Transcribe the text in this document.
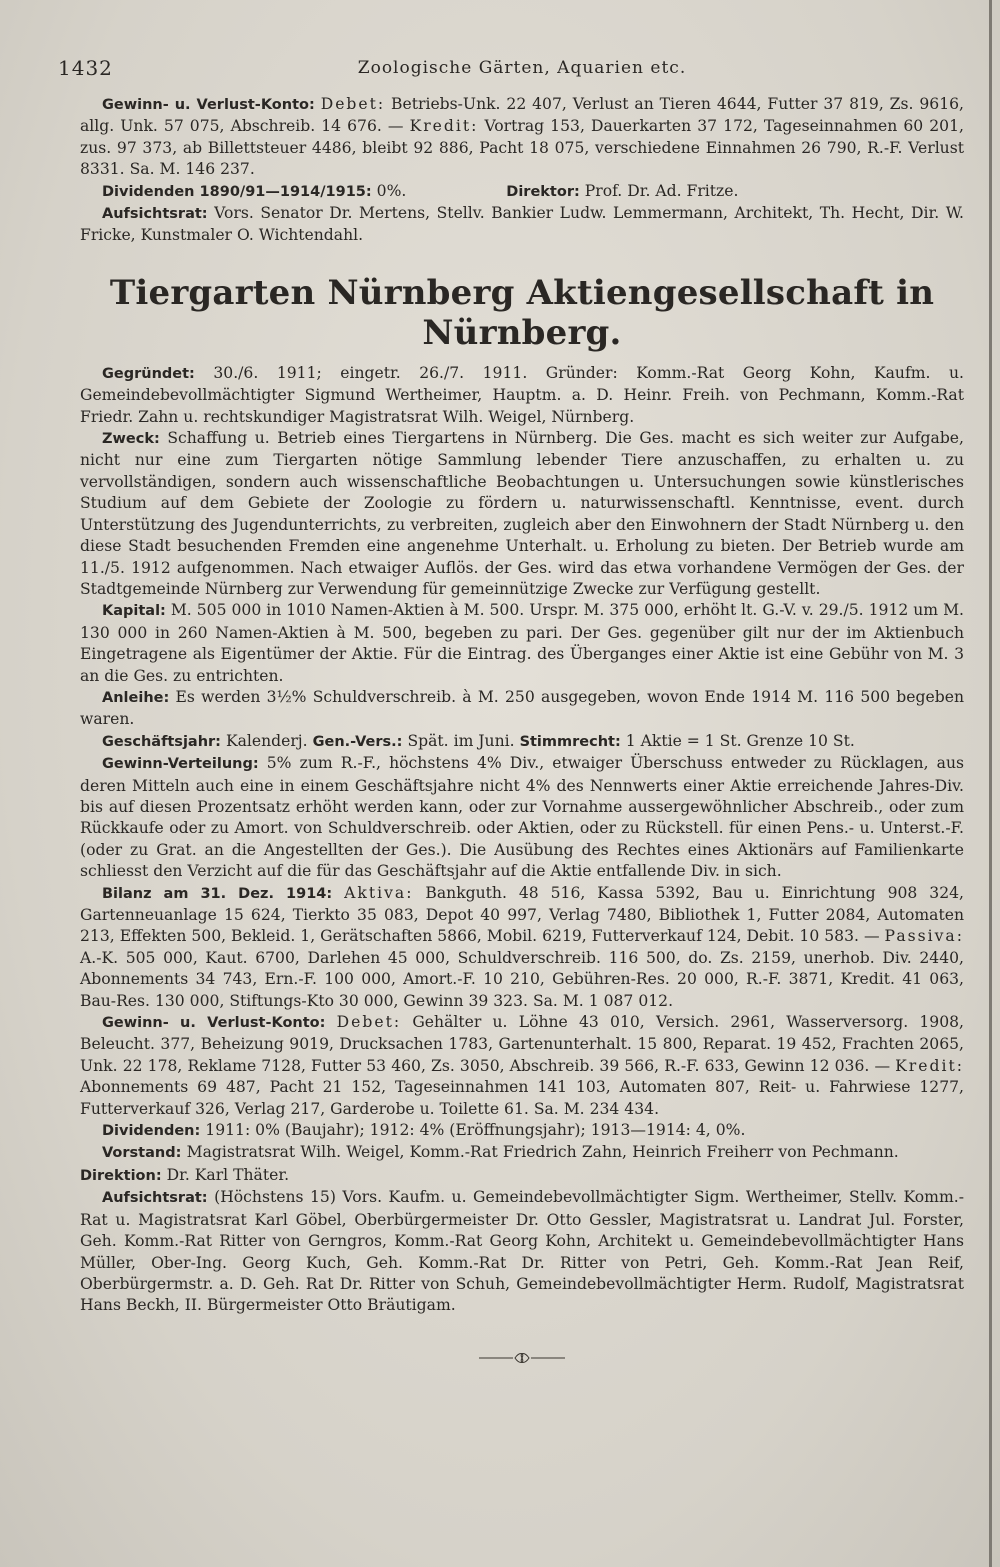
1432	Zoologische Gärten, Aquarien etc.

Gewinn- u. Verlust-Konto: Debet: Betriebs-Unk. 22 407, Verlust an Tieren 4644, Futter 37 819, Zs. 9616, allg. Unk. 57 075, Abschreib. 14 676. — Kredit: Vortrag 153, Dauerkarten 37 172, Tageseinnahmen 60 201, zus. 97 373, ab Billettsteuer 4486, bleibt 92 886, Pacht 18 075, verschiedene Einnahmen 26 790, R.-F. Verlust 8331. Sa. M. 146 237.

Dividenden 1890/91—1914/1915: 0%.	Direktor: Prof. Dr. Ad. Fritze.

Aufsichtsrat: Vors. Senator Dr. Mertens, Stellv. Bankier Ludw. Lemmermann, Architekt, Th. Hecht, Dir. W. Fricke, Kunstmaler O. Wichtendahl.

Tiergarten Nürnberg Aktiengesellschaft in Nürnberg.

Gegründet: 30./6. 1911; eingetr. 26./7. 1911. Gründer: Komm.-Rat Georg Kohn, Kaufm. u. Gemeindebevollmächtigter Sigmund Wertheimer, Hauptm. a. D. Heinr. Freih. von Pechmann, Komm.-Rat Friedr. Zahn u. rechtskundiger Magistratsrat Wilh. Weigel, Nürnberg.

Zweck: Schaffung u. Betrieb eines Tiergartens in Nürnberg. Die Ges. macht es sich weiter zur Aufgabe, nicht nur eine zum Tiergarten nötige Sammlung lebender Tiere anzuschaffen, zu erhalten u. zu vervollständigen, sondern auch wissenschaftliche Beobachtungen u. Untersuchungen sowie künstlerisches Studium auf dem Gebiete der Zoologie zu fördern u. naturwissenschaftl. Kenntnisse, event. durch Unterstützung des Jugendunterrichts, zu verbreiten, zugleich aber den Einwohnern der Stadt Nürnberg u. den diese Stadt besuchenden Fremden eine angenehme Unterhalt. u. Erholung zu bieten. Der Betrieb wurde am 11./5. 1912 aufgenommen. Nach etwaiger Auflös. der Ges. wird das etwa vorhandene Vermögen der Ges. der Stadtgemeinde Nürnberg zur Verwendung für gemeinnützige Zwecke zur Verfügung gestellt.

Kapital: M. 505 000 in 1010 Namen-Aktien à M. 500. Urspr. M. 375 000, erhöht lt. G.-V. v. 29./5. 1912 um M. 130 000 in 260 Namen-Aktien à M. 500, begeben zu pari. Der Ges. gegenüber gilt nur der im Aktienbuch Eingetragene als Eigentümer der Aktie. Für die Eintrag. des Überganges einer Aktie ist eine Gebühr von M. 3 an die Ges. zu entrichten.

Anleihe: Es werden 3½% Schuldverschreib. à M. 250 ausgegeben, wovon Ende 1914 M. 116 500 begeben waren.

Geschäftsjahr: Kalenderj. Gen.-Vers.: Spät. im Juni. Stimmrecht: 1 Aktie = 1 St. Grenze 10 St.

Gewinn-Verteilung: 5% zum R.-F., höchstens 4% Div., etwaiger Überschuss entweder zu Rücklagen, aus deren Mitteln auch eine in einem Geschäftsjahre nicht 4% des Nennwerts einer Aktie erreichende Jahres-Div. bis auf diesen Prozentsatz erhöht werden kann, oder zur Vornahme aussergewöhnlicher Abschreib., oder zum Rückkaufe oder zu Amort. von Schuldverschreib. oder Aktien, oder zu Rückstell. für einen Pens.- u. Unterst.-F. (oder zu Grat. an die Angestellten der Ges.). Die Ausübung des Rechtes eines Aktionärs auf Familienkarte schliesst den Verzicht auf die für das Geschäftsjahr auf die Aktie entfallende Div. in sich.

Bilanz am 31. Dez. 1914: Aktiva: Bankguth. 48 516, Kassa 5392, Bau u. Einrichtung 908 324, Gartenneuanlage 15 624, Tierkto 35 083, Depot 40 997, Verlag 7480, Bibliothek 1, Futter 2084, Automaten 213, Effekten 500, Bekleid. 1, Gerätschaften 5866, Mobil. 6219, Futterverkauf 124, Debit. 10 583. — Passiva: A.-K. 505 000, Kaut. 6700, Darlehen 45 000, Schuldverschreib. 116 500, do. Zs. 2159, unerhob. Div. 2440, Abonnements 34 743, Ern.-F. 100 000, Amort.-F. 10 210, Gebühren-Res. 20 000, R.-F. 3871, Kredit. 41 063, Bau-Res. 130 000, Stiftungs-Kto 30 000, Gewinn 39 323. Sa. M. 1 087 012.

Gewinn- u. Verlust-Konto: Debet: Gehälter u. Löhne 43 010, Versich. 2961, Wasserversorg. 1908, Beleucht. 377, Beheizung 9019, Drucksachen 1783, Gartenunterhalt. 15 800, Reparat. 19 452, Frachten 2065, Unk. 22 178, Reklame 7128, Futter 53 460, Zs. 3050, Abschreib. 39 566, R.-F. 633, Gewinn 12 036. — Kredit: Abonnements 69 487, Pacht 21 152, Tageseinnahmen 141 103, Automaten 807, Reit- u. Fahrwiese 1277, Futterverkauf 326, Verlag 217, Garderobe u. Toilette 61. Sa. M. 234 434.

Dividenden: 1911: 0% (Baujahr); 1912: 4% (Eröffnungsjahr); 1913—1914: 4, 0%.

Vorstand: Magistratsrat Wilh. Weigel, Komm.-Rat Friedrich Zahn, Heinrich Freiherr von Pechmann.  Direktion: Dr. Karl Thäter.

Aufsichtsrat: (Höchstens 15) Vors. Kaufm. u. Gemeindebevollmächtigter Sigm. Wertheimer, Stellv. Komm.-Rat u. Magistratsrat Karl Göbel, Oberbürgermeister Dr. Otto Gessler, Magistratsrat u. Landrat Jul. Forster, Geh. Komm.-Rat Ritter von Gerngros, Komm.-Rat Georg Kohn, Architekt u. Gemeindebevollmächtigter Hans Müller, Ober-Ing. Georg Kuch, Geh. Komm.-Rat Dr. Ritter von Petri, Geh. Komm.-Rat Jean Reif, Oberbürgermstr. a. D. Geh. Rat Dr. Ritter von Schuh, Gemeindebevollmächtigter Herm. Rudolf, Magistratsrat Hans Beckh, II. Bürgermeister Otto Bräutigam.
